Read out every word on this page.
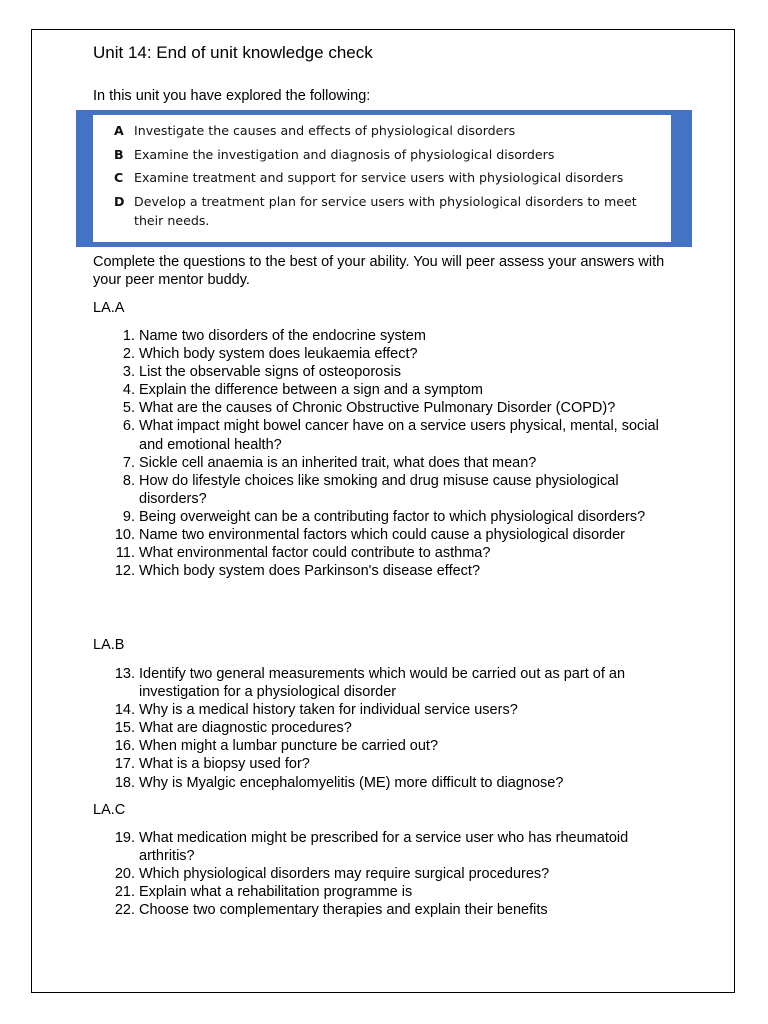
Unit 14: End of unit knowledge check
In this unit you have explored the following:
A Investigate the causes and effects of physiological disorders
B Examine the investigation and diagnosis of physiological disorders
C Examine treatment and support for service users with physiological disorders
D Develop a treatment plan for service users with physiological disorders to meet their needs.
Complete the questions to the best of your ability. You will peer assess your answers with your peer mentor buddy.
LA.A
1. Name two disorders of the endocrine system
2. Which body system does leukaemia effect?
3. List the observable signs of osteoporosis
4. Explain the difference between a sign and a symptom
5. What are the causes of Chronic Obstructive Pulmonary Disorder (COPD)?
6. What impact might bowel cancer have on a service users physical, mental, social and emotional health?
7. Sickle cell anaemia is an inherited trait, what does that mean?
8. How do lifestyle choices like smoking and drug misuse cause physiological disorders?
9. Being overweight can be a contributing factor to which physiological disorders?
10. Name two environmental factors which could cause a physiological disorder
11. What environmental factor could contribute to asthma?
12. Which body system does Parkinson's disease effect?
LA.B
13. Identify two general measurements which would be carried out as part of an investigation for a physiological disorder
14. Why is a medical history taken for individual service users?
15. What are diagnostic procedures?
16. When might a lumbar puncture be carried out?
17. What is a biopsy used for?
18. Why is Myalgic encephalomyelitis (ME) more difficult to diagnose?
LA.C
19. What medication might be prescribed for a service user who has rheumatoid arthritis?
20. Which physiological disorders may require surgical procedures?
21. Explain what a rehabilitation programme is
22. Choose two complementary therapies and explain their benefits
